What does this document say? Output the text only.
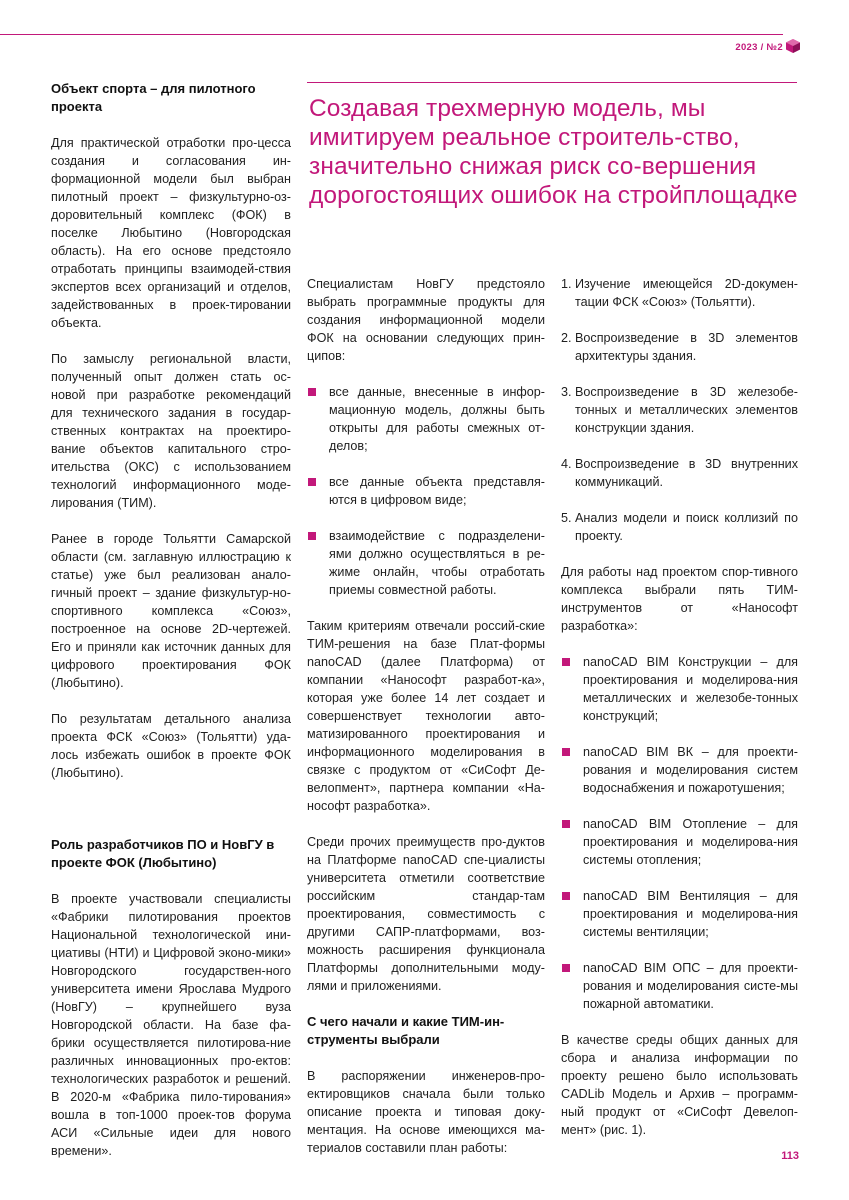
2023 / №2
Создавая трехмерную модель, мы имитируем реальное строитель-ство, значительно снижая риск со-вершения дорогостоящих ошибок на стройплощадке
Объект спорта – для пилотного проекта

Для практической отработки про-цесса создания и согласования ин-формационной модели был выбран пилотный проект – физкультурно-оз-доровительный комплекс (ФОК) в поселке Любытино (Новгородская область). На его основе предстояло отработать принципы взаимодей-ствия экспертов всех организаций и отделов, задействованных в проек-тировании объекта.

По замыслу региональной власти, полученный опыт должен стать ос-новой при разработке рекомендаций для технического задания в государ-ственных контрактах на проектиро-вание объектов капитального стро-ительства (ОКС) с использованием технологий информационного моде-лирования (ТИМ).

Ранее в городе Тольятти Самарской области (см. заглавную иллюстрацию к статье) уже был реализован анало-гичный проект – здание физкультур-но-спортивного комплекса «Союз», построенное на основе 2D-чертежей. Его и приняли как источник данных для цифрового проектирования ФОК (Любытино).

По результатам детального анализа проекта ФСК «Союз» (Тольятти) уда-лось избежать ошибок в проекте ФОК (Любытино).

Роль разработчиков ПО и НовГУ в проекте ФОК (Любытино)

В проекте участвовали специалисты «Фабрики пилотирования проектов Национальной технологической ини-циативы (НТИ) и Цифровой эконо-мики» Новгородского государствен-ного университета имени Ярослава Мудрого (НовГУ) – крупнейшего вуза Новгородской области. На базе фа-брики осуществляется пилотирова-ние различных инновационных про-ектов: технологических разработок и решений. В 2020-м «Фабрика пило-тирования» вошла в топ-1000 проек-тов форума АСИ «Сильные идеи для нового времени».

Специалистам НовГУ предстояло выбрать программные продукты для создания информационной модели ФОК на основании следующих прин-ципов:

все данные, внесенные в инфор-мационную модель, должны быть открыты для работы смежных от-делов;
все данные объекта представля-ются в цифровом виде;
взаимодействие с подразделени-ями должно осуществляться в ре-жиме онлайн, чтобы отработать приемы совместной работы.

Таким критериям отвечали россий-ские ТИМ-решения на базе Плат-формы nanoCAD (далее Платформа) от компании «Нанософт разработ-ка», которая уже более 14 лет создает и совершенствует технологии авто-матизированного проектирования и информационного моделирования в связке с продуктом от «СиСофт Де-велопмент», партнера компании «На-нософт разработка».

Среди прочих преимуществ про-дуктов на Платформе nanoCAD спе-циалисты университета отметили соответствие российским стандар-там проектирования, совместимость с другими САПР-платформами, воз-можность расширения функционала Платформы дополнительными моду-лями и приложениями.

С чего начали и какие ТИМ-ин-струменты выбрали

В распоряжении инженеров-про-ектировщиков сначала были только описание проекта и типовая доку-ментация. На основе имеющихся ма-териалов составили план работы:

1. Изучение имеющейся 2D-докумен-тации ФСК «Союз» (Тольятти).
2. Воспроизведение в 3D элементов архитектуры здания.
3. Воспроизведение в 3D железобе-тонных и металлических элементов конструкции здания.
4. Воспроизведение в 3D внутренних коммуникаций.
5. Анализ модели и поиск коллизий по проекту.

Для работы над проектом спор-тивного комплекса выбрали пять ТИМ-инструментов от «Нанософт разработка»:

nanoCAD BIM Конструкции – для проектирования и моделирова-ния металлических и железобе-тонных конструкций;
nanoCAD BIM ВК – для проекти-рования и моделирования систем водоснабжения и пожаротушения;
nanoCAD BIM Отопление – для проектирования и моделирова-ния системы отопления;
nanoCAD BIM Вентиляция – для проектирования и моделирова-ния системы вентиляции;
nanoCAD BIM ОПС – для проекти-рования и моделирования систе-мы пожарной автоматики.

В качестве среды общих данных для сбора и анализа информации по проекту решено было использовать CADLib Модель и Архив – программ-ный продукт от «СиСофт Девелоп-мент» (рис. 1).

113
